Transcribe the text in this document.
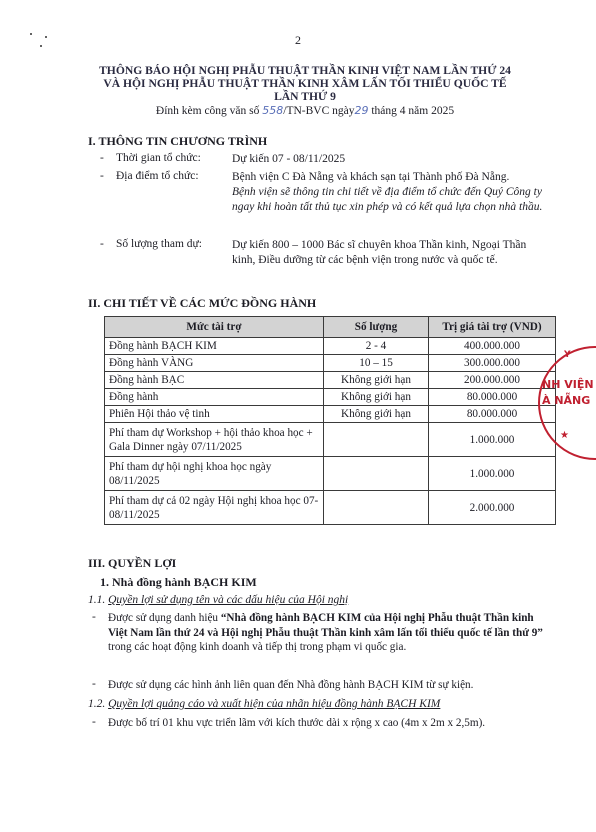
2
THÔNG BÁO HỘI NGHỊ PHẪU THUẬT THẦN KINH VIỆT NAM LẦN THỨ 24
VÀ HỘI NGHỊ PHẪU THUẬT THẦN KINH XÂM LẤN TỐI THIỂU QUỐC TẾ
LẦN THỨ 9
Đính kèm công văn số 558/TN-BVC ngày29 tháng 4 năm 2025
I. THÔNG TIN CHƯƠNG TRÌNH
- Thời gian tổ chức:	Dự kiến 07 - 08/11/2025
- Địa điểm tổ chức:	Bệnh viện C Đà Nẵng và khách sạn tại Thành phố Đà Nẵng.
Bệnh viện sẽ thông tin chi tiết về địa điểm tổ chức đến Quý Công ty ngay khi hoàn tất thủ tục xin phép và có kết quả lựa chọn nhà thầu.
- Số lượng tham dự:	Dự kiến 800 – 1000 Bác sĩ chuyên khoa Thần kinh, Ngoại Thần kinh, Điều dưỡng từ các bệnh viện trong nước và quốc tế.
II. CHI TIẾT VỀ CÁC MỨC ĐỒNG HÀNH
Mức tài trợ	Số lượng	Trị giá tài trợ (VND)
Đồng hành BẠCH KIM	2 - 4	400.000.000
Đồng hành VÀNG	10 – 15	300.000.000
Đồng hành BẠC	Không giới hạn	200.000.000
Đồng hành	Không giới hạn	80.000.000
Phiên Hội thảo vệ tinh	Không giới hạn	80.000.000
Phí tham dự Workshop + hội thảo khoa học + Gala Dinner ngày 07/11/2025		1.000.000
Phí tham dự hội nghị khoa học ngày 08/11/2025		1.000.000
Phí tham dự cả 02 ngày Hội nghị khoa học 07-08/11/2025		2.000.000
NH VIỆN
À NẴNG
★
Y
III. QUYỀN LỢI
1. Nhà đồng hành BẠCH KIM
1.1. Quyền lợi sử dụng tên và các dấu hiệu của Hội nghị
- Được sử dụng danh hiệu “Nhà đồng hành BẠCH KIM của Hội nghị Phẫu thuật Thần kinh Việt Nam lần thứ 24 và Hội nghị Phẫu thuật Thần kinh xâm lấn tối thiểu quốc tế lần thứ 9” trong các hoạt động kinh doanh và tiếp thị trong phạm vi quốc gia.
- Được sử dụng các hình ảnh liên quan đến Nhà đồng hành BẠCH KIM từ sự kiện.
1.2. Quyền lợi quảng cáo và xuất hiện của nhãn hiệu đồng hành BẠCH KIM
- Được bố trí 01 khu vực triển lãm với kích thước dài x rộng x cao (4m x 2m x 2,5m).
